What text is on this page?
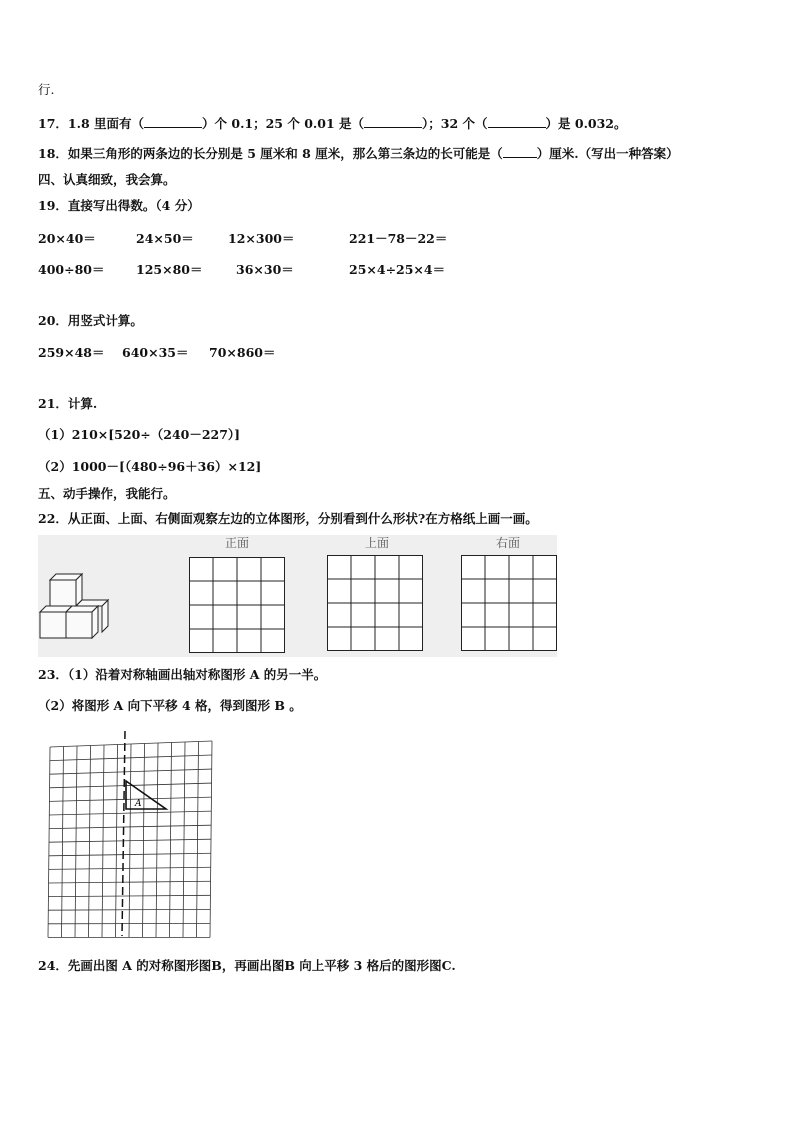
行.
17．1.8 里面有（	）个 0.1；25 个 0.01 是（	）；32 个（	）是 0.032。
18．如果三角形的两条边的长分别是 5 厘米和 8 厘米，那么第三条边的长可能是（	）厘米.（写出一种答案）
四、认真细致，我会算。
19．直接写出得数。（4 分）
20×40＝	24×50＝	12×300＝	221－78－22＝
400÷80＝	125×80＝	36×30＝	25×4÷25×4＝
20．用竖式计算。
259×48＝ 640×35＝ 70×860＝
21．计算.
（1）210×[520÷（240－227）]
（2）1000－[（480÷96＋36）×12]
五、动手操作，我能行。
22．从正面、上面、右侧面观察左边的立体图形，分别看到什么形状?在方格纸上画一画。
正面	上面	右面
23．（1）沿着对称轴画出轴对称图形 A 的另一半。
（2）将图形 A 向下平移 4 格，得到图形 B 。
A
24．先画出图 A 的对称图形图B，再画出图B 向上平移 3 格后的图形图C.
